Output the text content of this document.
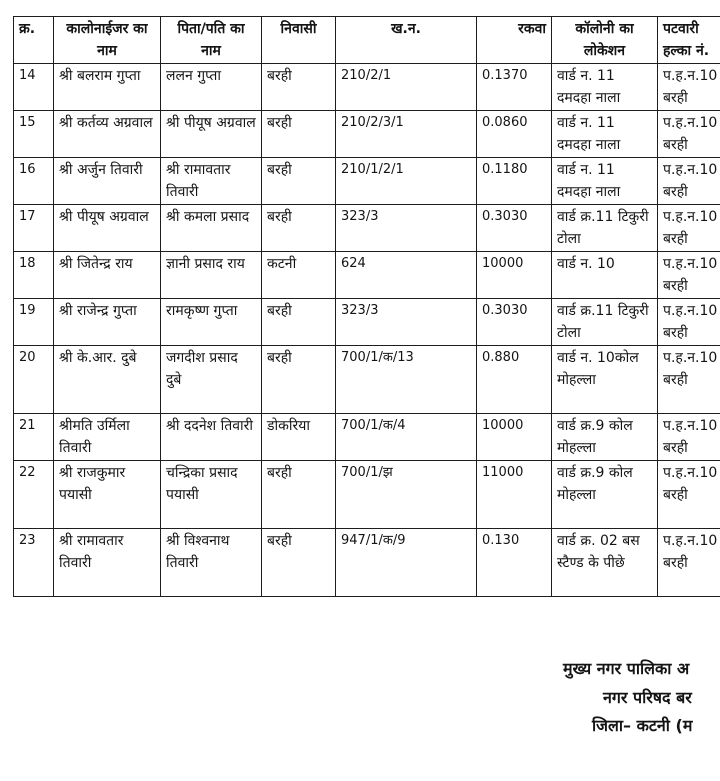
क्र.	कालोनाईजर का नाम	पिता/पति का नाम	निवासी	ख.न.	रकवा	कॉलोनी का लोकेशन	पटवारी हल्का नं.
14	श्री बलराम गुप्ता	ललन गुप्ता	बरही	210/2/1	0.1370	वार्ड न. 11 दमदहा नाला	प.ह.न.10 बरही
15	श्री कर्तव्य अग्रवाल	श्री पीयूष अग्रवाल	बरही	210/2/3/1	0.0860	वार्ड न. 11 दमदहा नाला	प.ह.न.10 बरही
16	श्री अर्जुन तिवारी	श्री रामावतार तिवारी	बरही	210/1/2/1	0.1180	वार्ड न. 11 दमदहा नाला	प.ह.न.10 बरही
17	श्री पीयूष अग्रवाल	श्री कमला प्रसाद	बरही	323/3	0.3030	वार्ड क्र.11 टिकुरी टोला	प.ह.न.10 बरही
18	श्री जितेन्द्र राय	ज्ञानी प्रसाद राय	कटनी	624	10000	वार्ड न. 10	प.ह.न.10 बरही
19	श्री राजेन्द्र गुप्ता	रामकृष्ण गुप्ता	बरही	323/3	0.3030	वार्ड क्र.11 टिकुरी टोला	प.ह.न.10 बरही
20	श्री के.आर. दुबे	जगदीश प्रसाद दुबे	बरही	700/1/क/13	0.880	वार्ड न. 10कोल मोहल्ला	प.ह.न.10 बरही
21	श्रीमति उर्मिला तिवारी	श्री ददनेश तिवारी	डोकरिया	700/1/क/4	10000	वार्ड क्र.9 कोल मोहल्ला	प.ह.न.10 बरही
22	श्री राजकुमार पयासी	चन्द्रिका प्रसाद पयासी	बरही	700/1/झ	11000	वार्ड क्र.9 कोल मोहल्ला	प.ह.न.10 बरही
23	श्री रामावतार तिवारी	श्री विश्वनाथ तिवारी	बरही	947/1/क/9	0.130	वार्ड क्र. 02 बस स्टैण्ड के पीछे	प.ह.न.10 बरही
मुख्य नगर पालिका अ
नगर परिषद बर
जिला– कटनी (म
